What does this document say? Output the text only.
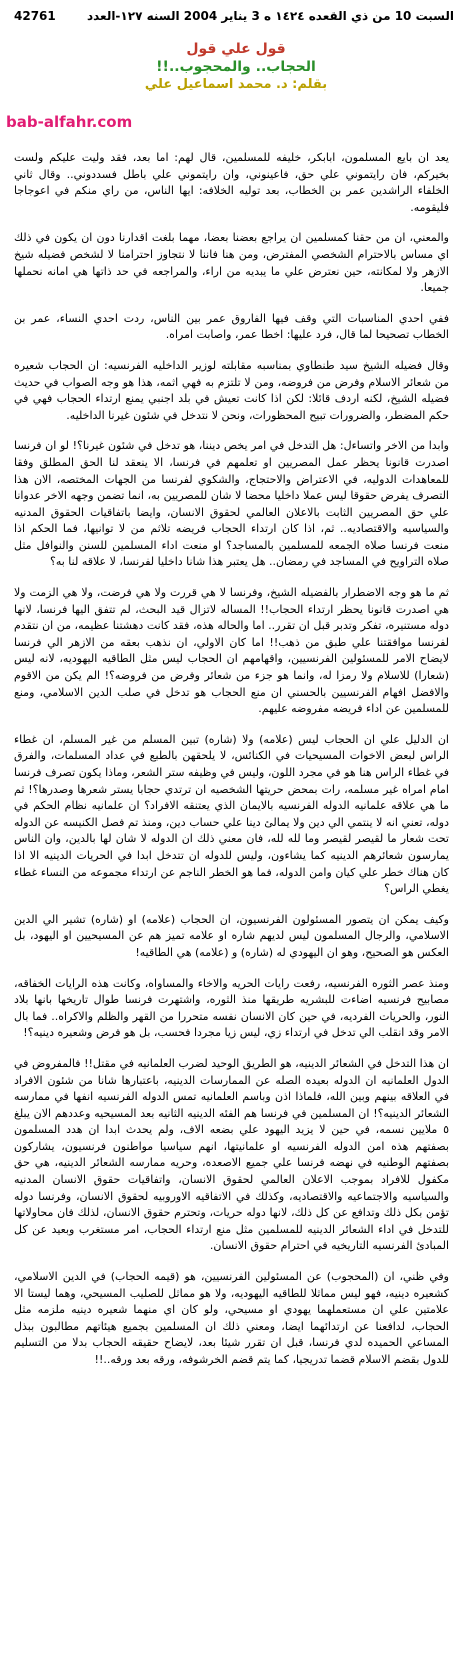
السبت 10 من ذي القعده ١٤٢٤ ه 3 يناير 2004 السنه ١٢٧-العدد
42761
قول علي قول
الحجاب.. والمحجوب..!!
بقلم: د. محمد اسماعيل علي
bab-alfahr.com

يعد ان بايع المسلمون، ابابكر، خليفه للمسلمين، قال لهم: اما بعد، فقد وليت عليكم ولست بخيركم، فان رايتموني علي حق، فاعينوني، وان رايتموني علي باطل فسددوني.. وقال ثاني الخلفاء الراشدين عمر بن الخطاب، بعد توليه الخلافه: ايها الناس، من راي منكم في اعوجاجا فليقومه.

والمعني، ان من حقنا كمسلمين ان يراجع بعضنا بعضا، مهما بلغت اقدارنا دون ان يكون في ذلك اي مساس بالاحترام الشخصي المفترض، ومن هنا فاننا لا نتجاوز احترامنا لا لشخص فضيله شيخ الازهر ولا لمكانته، حين نعترض علي ما يبديه من اراء، والمراجعه في حد ذاتها هي امانه نحملها جميعا.

ففي احدي المناسبات التي وقف فيها الفاروق عمر بين الناس، ردت احدي النساء، عمر بن الخطاب تصحيحا لما قال، فرد عليها: اخطا عمر، واصابت امراه.

وقال فضيله الشيخ سيد طنطاوي بمناسبه مقابلته لوزير الداخليه الفرنسيه: ان الحجاب شعيره من شعائر الاسلام وفرض من فروضه، ومن لا تلتزم به فهي اثمه، هذا هو وجه الصواب في حديث فضيله الشيخ، لكنه اردف قائلا: لكن اذا كانت تعيش في بلد اجنبي يمنع ارتداء الحجاب فهي في حكم المضطر، والضرورات تبيح المحظورات، ونحن لا نتدخل في شئون غيرنا الداخليه.

وابدا من الاخر واتساءل: هل التدخل في امر يخص ديننا، هو تدخل في شئون غيرنا؟! لو ان فرنسا اصدرت قانونا يحظر عمل المصريين او تعلمهم في فرنسا، الا ينعقد لنا الحق المطلق وفقا للمعاهدات الدوليه، في الاعتراض والاحتجاج، والشكوي لفرنسا من الجهات المختصه، الان هذا التصرف يفرض حقوقا ليس عملا داخليا محضا لا شان للمصريين به، انما تضمن وجهه الاخر عدوانا علي حق المصريين الثابت بالاعلان العالمي لحقوق الانسان، وايضا باتفاقيات الحقوق المدنيه والسياسيه والاقتصاديه.. ثم، اذا كان ارتداء الحجاب فريضه تلاثم من لا توانيها، فما الحكم اذا منعت فرنسا صلاه الجمعه للمسلمين بالمساجد؟ او منعت اداء المسلمين للسنن والنوافل مثل صلاه التراويح في المساجد في رمضان.. هل يعتبر هذا شانا داخليا لفرنسا، لا علاقه لنا به؟

ثم ما هو وجه الاضطرار بالفضيله الشيخ، وفرنسا لا هي قررت ولا هي فرضت، ولا هي الزمت ولا هي اصدرت قانونا يحظر ارتداء الحجاب!! المساله لاتزال قيد البحث، لم تتفق اليها فرنسا، لانها دوله مستنيره، تفكر وتدبر قبل ان تقرر.. اما والحاله هذه، فقد كانت دهشتنا عظيمه، من ان نتقدم لفرنسا موافقتنا علي طبق من ذهب!! اما كان الاولي، ان نذهب بعقه من الازهر الي فرنسا لايضاح الامر للمسئولين الفرنسيين، واقهامهم ان الحجاب ليس مثل الطاقيه اليهوديه، لانه ليس (شعارا) للاسلام ولا رمزا له، وانما هو جزء من شعائر وفرض من فروضه؟! الم يكن من الاقوم والافضل افهام الفرنسيين بالحسني ان منع الحجاب هو تدخل في صلب الدين الاسلامي، ومنع للمسلمين عن اداء فريضه مفروضه عليهم.

ان الدليل علي ان الحجاب ليس (علامه) ولا (شاره) تبين المسلم من غير المسلم، ان غطاء الراس لبعض الاخوات المسيحيات في الكنائس، لا يلحقهن بالطبع في عداد المسلمات، والفرق في غطاء الراس هنا هو في مجرد اللون، وليس في وظيفه ستر الشعر، وماذا يكون تصرف فرنسا امام امراه غير مسلمه، رات بمحض حريتها الشخصيه ان ترتدي حجابا يستر شعرها وصدرها؟! ثم ما هي علاقه علمانيه الدوله الفرنسيه بالايمان الذي يعتنقه الافراد؟ ان علمانيه نظام الحكم في دوله، تعني انه لا ينتمي الي دين ولا يمالئ دينا علي حساب دين، ومنذ تم فصل الكنيسه عن الدوله تحت شعار ما لقيصر لقيصر وما لله لله، فان معني ذلك ان الدوله لا شان لها بالدين، وان الناس يمارسون شعائرهم الدينيه كما يشاءون، وليس للدوله ان تتدخل ابدا في الحريات الدينيه الا اذا كان هناك خطر علي كيان وامن الدوله، فما هو الخطر الناجم عن ارتداء مجموعه من النساء غطاء يغطي الراس؟

وكيف يمكن ان يتصور المسئولون الفرنسيون، ان الحجاب (علامه) او (شاره) تشير الي الدين الاسلامي، والرجال المسلمون ليس لديهم شاره او علامه تميز هم عن المسيحيين او اليهود، بل العكس هو الصحيح، وهو ان اليهودي له (شاره) و (علامه) هي الطاقيه!

ومنذ عصر الثوره الفرنسيه، رفعت رايات الحريه والاخاء والمساواه، وكانت هذه الرايات الخفاقه، مصابيح فرنسيه اضاءت للبشريه طريقها منذ الثوره، واشتهرت فرنسا طوال تاريخها بانها بلاد النور، والحريات الفرديه، في حين كان الانسان نفسه متحررا من القهر والظلم والاكراه.. فما بال الامر وقد انقلب الي تدخل في ارتداء زي، ليس زيا مجردا فحسب، بل هو فرض وشعيره دينيه؟!

ان هذا التدخل في الشعائر الدينيه، هو الطريق الوحيد لضرب العلمانيه في مقتل!! فالمفروض في الدول العلمانيه ان الدوله بعيده الصله عن الممارسات الدينيه، باعتبارها شانا من شئون الافراد في العلاقه بينهم وبين الله، فلماذا اذن وباسم العلمانيه تمس الدوله الفرنسيه انفها في ممارسه الشعائر الدينيه؟! ان المسلمين في فرنسا هم الفئه الدينيه الثانيه بعد المسيحيه وعددهم الان يبلغ ٥ ملايين نسمه، في حين لا يزيد اليهود علي بضعه الاف، ولم يحدث ابدا ان هدد المسلمون بصفتهم هذه امن الدوله الفرنسيه او علمانيتها، انهم سياسيا مواطنون فرنسيون، يشاركون بصفتهم الوطنيه في نهضه فرنسا علي جميع الاصعده، وحريه ممارسه الشعائر الدينيه، هي حق مكفول للافراد بموجب الاعلان العالمي لحقوق الانسان، واتفاقيات حقوق الانسان المدنيه والسياسيه والاجتماعيه والاقتصاديه، وكذلك في الاتفاقيه الاوروبيه لحقوق الانسان، وفرنسا دوله تؤمن بكل ذلك وتدافع عن كل ذلك، لانها دوله حريات، وتحترم حقوق الانسان، لذلك فان محاولاتها للتدخل في اداء الشعائر الدينيه للمسلمين مثل منع ارتداء الحجاب، امر مستغرب وبعيد عن كل المبادئ الفرنسيه التاريخيه في احترام حقوق الانسان.

وفي ظني، ان (المحجوب) عن المسئولين الفرنسيين، هو (قيمه الحجاب) في الدين الاسلامي، كشعيره دينيه، فهو ليس مماثلا للطاقيه اليهوديه، ولا هو مماثل للصليب المسيحي، وهما ليستا الا علامتين علي ان مستعملهما يهودي او مسيحي، ولو كان اي منهما شعيره دينيه ملزمه مثل الحجاب، لدافعنا عن ارتدائهما ايضا، ومعني ذلك ان المسلمين بجميع هيئاتهم مطالبون ببذل المساعي الحميده لدي فرنسا، قبل ان تقرر شيئا بعد، لايضاح حقيقه الحجاب بدلا من التسليم للدول بقضم الاسلام قضما تدريجيا، كما يتم قضم الخرشوفه، ورقه بعد ورقه..!!
